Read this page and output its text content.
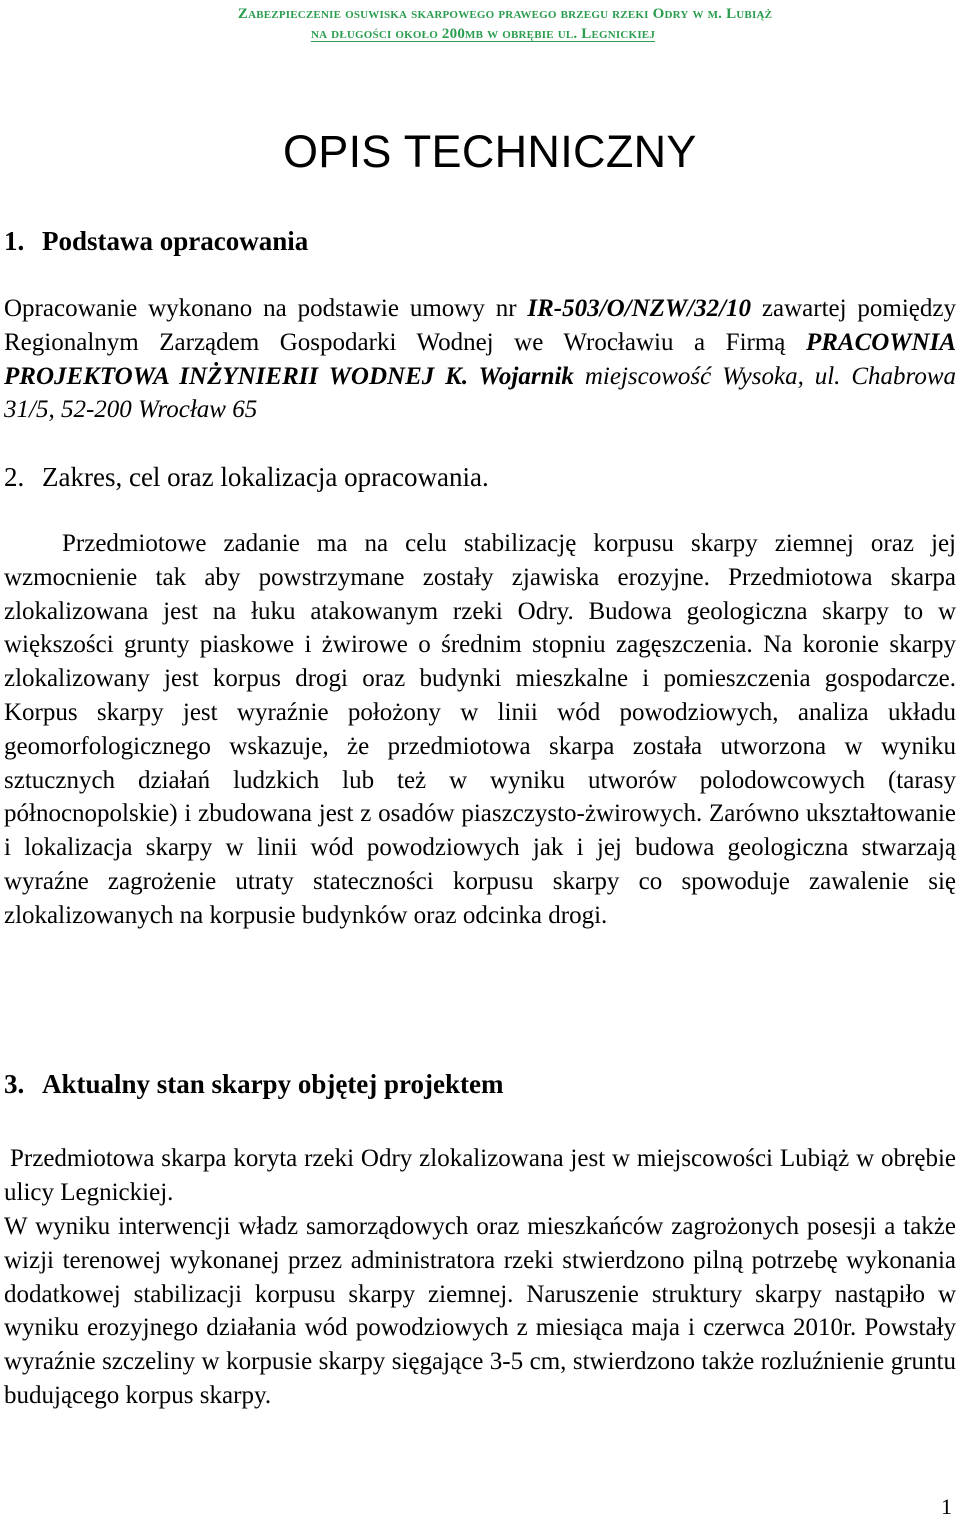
Zabezpieczenie osuwiska skarpowego prawego brzegu rzeki Odry w m. Lubiąż
na długości około 200mb w obrębie ul. Legnickiej
OPIS TECHNICZNY
1. Podstawa opracowania
Opracowanie wykonano na podstawie umowy nr IR-503/O/NZW/32/10 zawartej pomiędzy Regionalnym Zarządem Gospodarki Wodnej we Wrocławiu a Firmą PRACOWNIA PROJEKTOWA INŻYNIERII WODNEJ K. Wojarnik miejscowość Wysoka, ul. Chabrowa 31/5, 52-200 Wrocław 65
2. Zakres, cel oraz lokalizacja opracowania.
Przedmiotowe zadanie ma na celu stabilizację korpusu skarpy ziemnej oraz jej wzmocnienie tak aby powstrzymane zostały zjawiska erozyjne. Przedmiotowa skarpa zlokalizowana jest na łuku atakowanym rzeki Odry. Budowa geologiczna skarpy to w większości grunty piaskowe i żwirowe o średnim stopniu zagęszczenia. Na koronie skarpy zlokalizowany jest korpus drogi oraz budynki mieszkalne i pomieszczenia gospodarcze. Korpus skarpy jest wyraźnie położony w linii wód powodziowych, analiza układu geomorfologicznego wskazuje, że przedmiotowa skarpa została utworzona w wyniku sztucznych działań ludzkich lub też w wyniku utworów polodowcowych (tarasy północnopolskie) i zbudowana jest z osadów piaszczysto-żwirowych. Zarówno ukształtowanie i lokalizacja skarpy w linii wód powodziowych jak i jej budowa geologiczna stwarzają wyraźne zagrożenie utraty stateczności korpusu skarpy co spowoduje zawalenie się zlokalizowanych na korpusie budynków oraz odcinka drogi.
3. Aktualny stan skarpy objętej projektem
Przedmiotowa skarpa koryta rzeki Odry zlokalizowana jest w miejscowości Lubiąż w obrębie ulicy Legnickiej.
W wyniku interwencji władz samorządowych oraz mieszkańców zagrożonych posesji a także wizji terenowej wykonanej przez administratora rzeki stwierdzono pilną potrzebę wykonania dodatkowej stabilizacji korpusu skarpy ziemnej. Naruszenie struktury skarpy nastąpiło w wyniku erozyjnego działania wód powodziowych z miesiąca maja i czerwca 2010r. Powstały wyraźnie szczeliny w korpusie skarpy sięgające 3-5 cm, stwierdzono także rozluźnienie gruntu budującego korpus skarpy.
1
